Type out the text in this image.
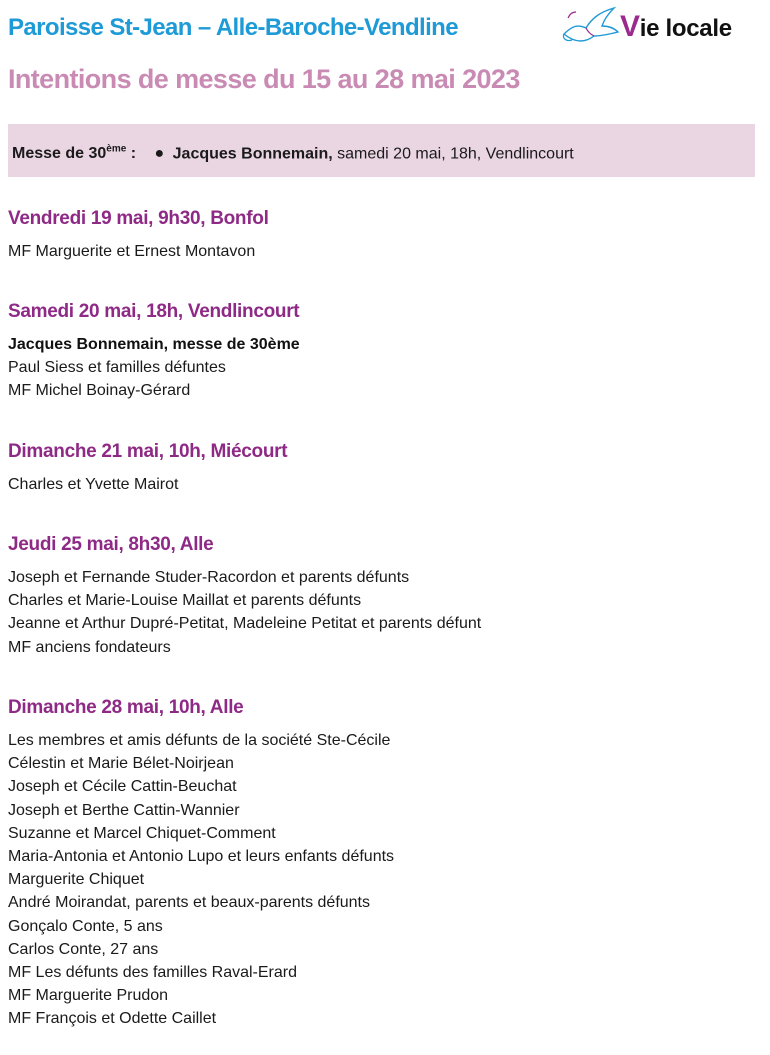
Paroisse St-Jean – Alle-Baroche-Vendline	Vie locale
Intentions de messe du 15 au 28 mai 2023
Messe de 30ème : ● Jacques Bonnemain, samedi 20 mai, 18h, Vendlincourt
Vendredi 19 mai, 9h30, Bonfol
MF Marguerite et Ernest Montavon
Samedi 20 mai, 18h, Vendlincourt
Jacques Bonnemain, messe de 30ème
Paul Siess et familles défuntes
MF Michel Boinay-Gérard
Dimanche 21 mai, 10h, Miécourt
Charles et Yvette Mairot
Jeudi 25 mai, 8h30, Alle
Joseph et Fernande Studer-Racordon et parents défunts
Charles et Marie-Louise Maillat et parents défunts
Jeanne et Arthur Dupré-Petitat, Madeleine Petitat et parents défunt
MF anciens fondateurs
Dimanche 28 mai, 10h, Alle
Les membres et amis défunts de la société Ste-Cécile
Célestin et Marie Bélet-Noirjean
Joseph et Cécile Cattin-Beuchat
Joseph et Berthe Cattin-Wannier
Suzanne et Marcel Chiquet-Comment
Maria-Antonia et Antonio Lupo et leurs enfants défunts
Marguerite Chiquet
André Moirandat, parents et beaux-parents défunts
Gonçalo Conte, 5 ans
Carlos Conte, 27 ans
MF Les défunts des familles Raval-Erard
MF Marguerite Prudon
MF François et Odette Caillet
